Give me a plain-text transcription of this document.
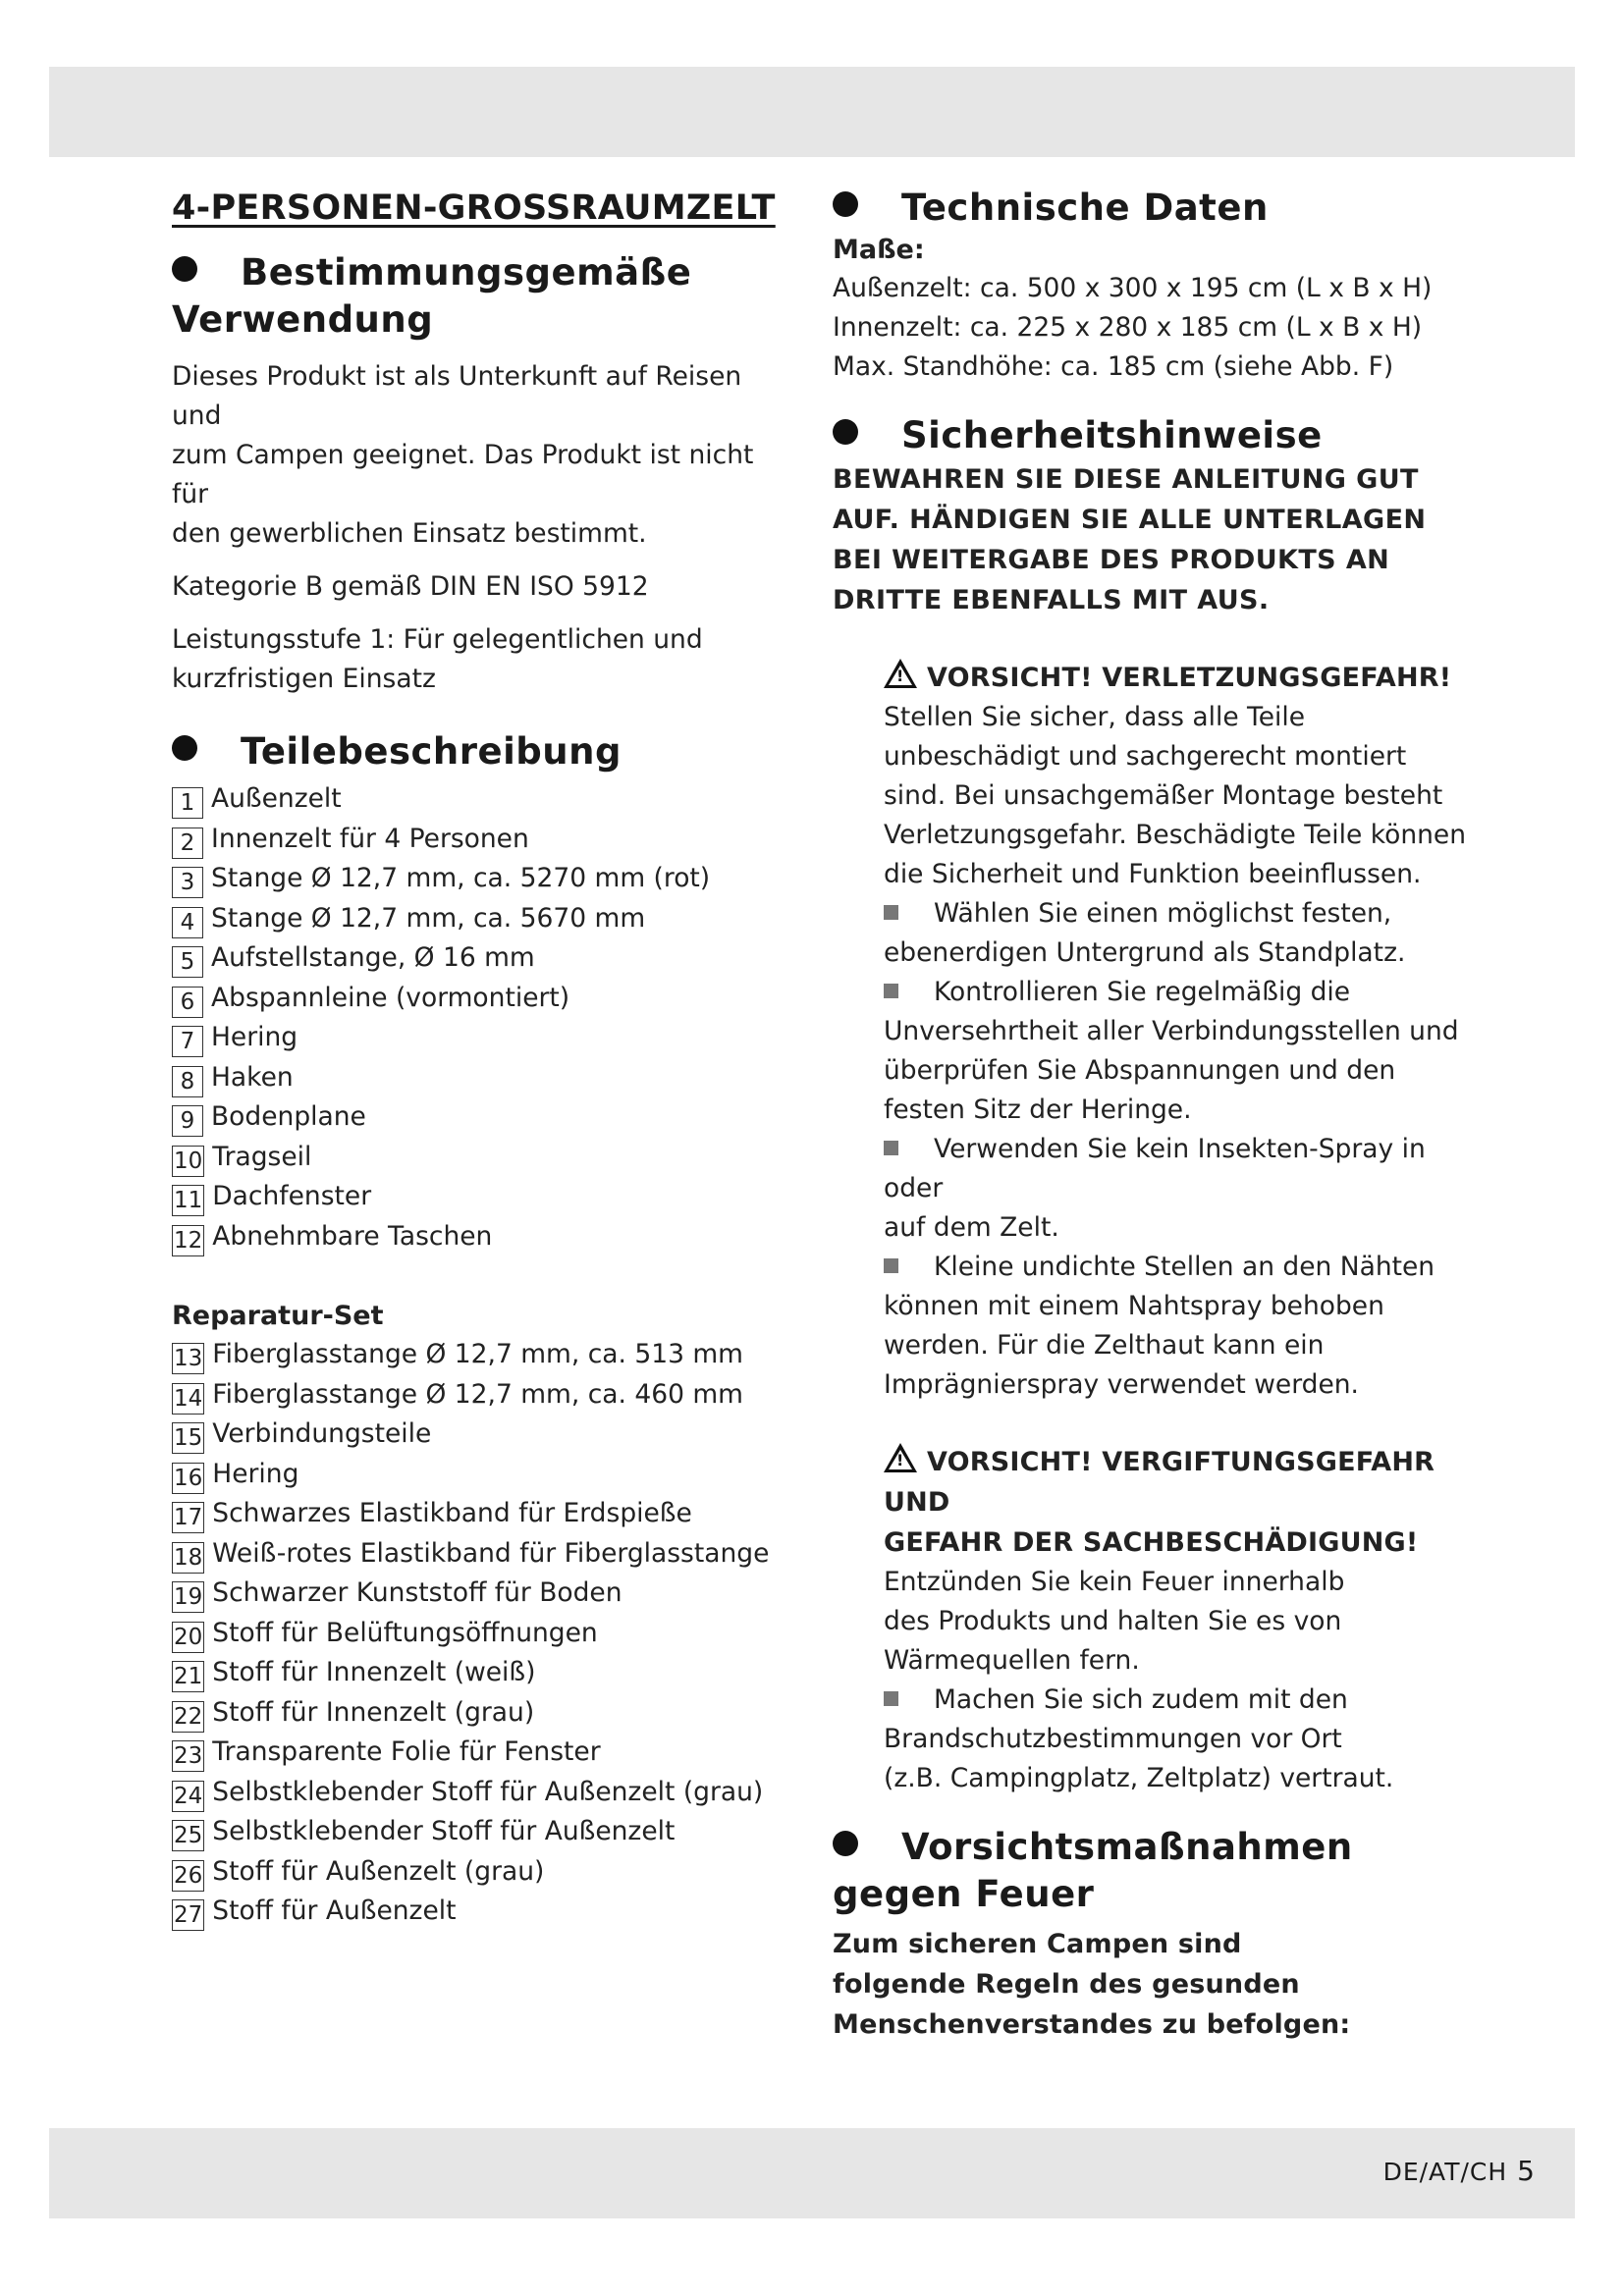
DE/AT/CH 5
4-PERSONEN-GROSSRAUMZELT
Bestimmungsgemäße
Verwendung

Dieses Produkt ist als Unterkunft auf Reisen und
zum Campen geeignet. Das Produkt ist nicht für
den gewerblichen Einsatz bestimmt.

Kategorie B gemäß DIN EN ISO 5912

Leistungsstufe 1: Für gelegentlichen und
kurzfristigen Einsatz

Teilebeschreibung
1 Außenzelt
2 Innenzelt für 4 Personen
3 Stange Ø 12,7 mm, ca. 5270 mm (rot)
4 Stange Ø 12,7 mm, ca. 5670 mm
5 Aufstellstange, Ø 16 mm
6 Abspannleine (vormontiert)
7 Hering
8 Haken
9 Bodenplane
10 Tragseil
11 Dachfenster
12 Abnehmbare Taschen

Reparatur-Set

13 Fiberglasstange Ø 12,7 mm, ca. 513 mm
14 Fiberglasstange Ø 12,7 mm, ca. 460 mm
15 Verbindungsteile
16 Hering
17 Schwarzes Elastikband für Erdspieße
18 Weiß-rotes Elastikband für Fiberglasstange
19 Schwarzer Kunststoff für Boden
20 Stoff für Belüftungsöffnungen
21 Stoff für Innenzelt (weiß)
22 Stoff für Innenzelt (grau)
23 Transparente Folie für Fenster
24 Selbstklebender Stoff für Außenzelt (grau)
25 Selbstklebender Stoff für Außenzelt
26 Stoff für Außenzelt (grau)
27 Stoff für Außenzelt
Technische Daten

Maße:

Außenzelt: ca. 500 x 300 x 195 cm (L x B x H)
Innenzelt: ca. 225 x 280 x 185 cm (L x B x H)
Max. Standhöhe: ca. 185 cm (siehe Abb. F)

Sicherheitshinweise

BEWAHREN SIE DIESE ANLEITUNG GUT
AUF. HÄNDIGEN SIE ALLE UNTERLAGEN
BEI WEITERGABE DES PRODUKTS AN
DRITTE EBENFALLS MIT AUS.

!VORSICHT! VERLETZUNGSGEFAHR!

Stellen Sie sicher, dass alle Teile
unbeschädigt und sachgerecht montiert
sind. Bei unsachgemäßer Montage besteht
Verletzungsgefahr. Beschädigte Teile können
die Sicherheit und Funktion beeinflussen.

Wählen Sie einen möglichst festen,
ebenerdigen Untergrund als Standplatz.

Kontrollieren Sie regelmäßig die
Unversehrtheit aller Verbindungsstellen und
überprüfen Sie Abspannungen und den
festen Sitz der Heringe.

Verwenden Sie kein Insekten-Spray in oder
auf dem Zelt.

Kleine undichte Stellen an den Nähten
können mit einem Nahtspray behoben
werden. Für die Zelthaut kann ein
Imprägnierspray verwendet werden.

!VORSICHT! VERGIFTUNGSGEFAHR UND
GEFAHR DER SACHBESCHÄDIGUNG!

Entzünden Sie kein Feuer innerhalb
des Produkts und halten Sie es von
Wärmequellen fern.

Machen Sie sich zudem mit den
Brandschutzbestimmungen vor Ort
(z.B. Campingplatz, Zeltplatz) vertraut.

Vorsichtsmaßnahmen
gegen Feuer

Zum sicheren Campen sind
folgende Regeln des gesunden
Menschenverstandes zu befolgen:
